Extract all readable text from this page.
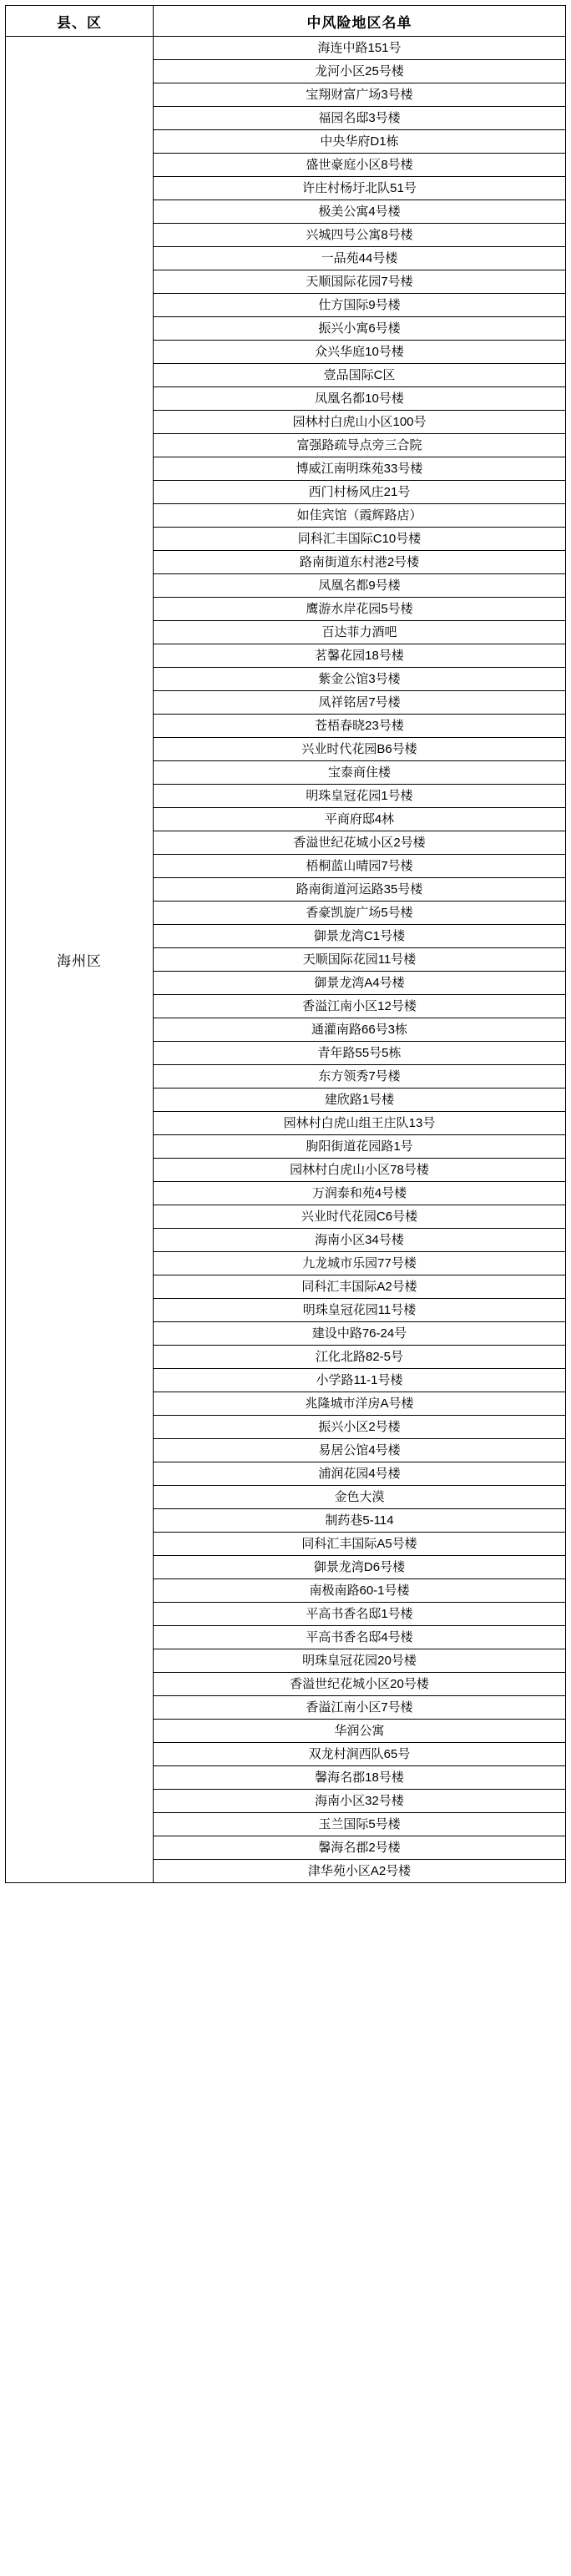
县、区	中风险地区名单
海州区	海连中路151号
	龙河小区25号楼
	宝翔财富广场3号楼
	福园名邸3号楼
	中央华府D1栋
	盛世豪庭小区8号楼
	许庄村杨圩北队51号
	极美公寓4号楼
	兴城四号公寓8号楼
	一品苑44号楼
	天顺国际花园7号楼
	仕方国际9号楼
	振兴小寓6号楼
	众兴华庭10号楼
	壹品国际C区
	凤凰名都10号楼
	园林村白虎山小区100号
	富强路疏导点旁三合院
	博威江南明珠苑33号楼
	西门村杨风庄21号
	如佳宾馆（霞辉路店）
	同科汇丰国际C10号楼
	路南街道东村港2号楼
	凤凰名都9号楼
	鹰游水岸花园5号楼
	百达菲力酒吧
	茗馨花园18号楼
	紫金公馆3号楼
	凤祥铭居7号楼
	苍梧春晓23号楼
	兴业时代花园B6号楼
	宝泰商住楼
	明珠皇冠花园1号楼
	平商府邸4林
	香溢世纪花城小区2号楼
	梧桐蓝山晴园7号楼
	路南街道河运路35号楼
	香豪凯旋广场5号楼
	御景龙湾C1号楼
	天顺国际花园11号楼
	御景龙湾A4号楼
	香溢江南小区12号楼
	通灌南路66号3栋
	青年路55号5栋
	东方领秀7号楼
	建欣路1号楼
	园林村白虎山组王庄队13号
	朐阳街道花园路1号
	园林村白虎山小区78号楼
	万润泰和苑4号楼
	兴业时代花园C6号楼
	海南小区34号楼
	九龙城市乐园77号楼
	同科汇丰国际A2号楼
	明珠皇冠花园11号楼
	建设中路76-24号
	江化北路82-5号
	小学路11-1号楼
	兆隆城市洋房A号楼
	振兴小区2号楼
	易居公馆4号楼
	浦润花园4号楼
	金色大漠
	制药巷5-114
	同科汇丰国际A5号楼
	御景龙湾D6号楼
	南极南路60-1号楼
	平高书香名邸1号楼
	平高书香名邸4号楼
	明珠皇冠花园20号楼
	香溢世纪花城小区20号楼
	香溢江南小区7号楼
	华润公寓
	双龙村涧西队65号
	馨海名郡18号楼
	海南小区32号楼
	玉兰国际5号楼
	馨海名郡2号楼
	津华苑小区A2号楼
